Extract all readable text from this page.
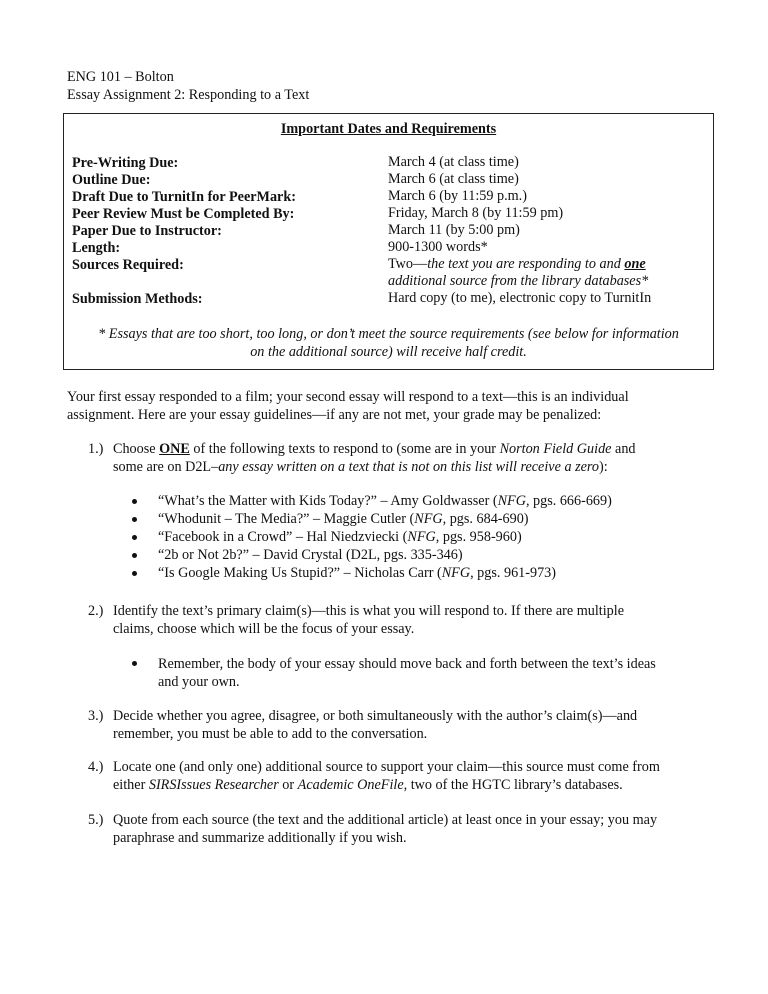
ENG 101 – Bolton
Essay Assignment 2: Responding to a Text
Important Dates and Requirements
Pre-Writing Due:	March 4 (at class time)
Outline Due:	March 6 (at class time)
Draft Due to TurnitIn for PeerMark:	March 6 (by 11:59 p.m.)
Peer Review Must be Completed By:	Friday, March 8 (by 11:59 pm)
Paper Due to Instructor:	March 11 (by 5:00 pm)
Length:	900-1300 words*
Sources Required:	Two—the text you are responding to and one
additional source from the library databases*
Submission Methods:	Hard copy (to me), electronic copy to TurnitIn
* Essays that are too short, too long, or don’t meet the source requirements (see below for information
on the additional source) will receive half credit.
Your first essay responded to a film; your second essay will respond to a text—this is an individual
assignment. Here are your essay guidelines—if any are not met, your grade may be penalized:
1.) Choose ONE of the following texts to respond to (some are in your Norton Field Guide and
some are on D2L–any essay written on a text that is not on this list will receive a zero):
“What’s the Matter with Kids Today?” – Amy Goldwasser (NFG, pgs. 666-669)
“Whodunit – The Media?” – Maggie Cutler (NFG, pgs. 684-690)
“Facebook in a Crowd” – Hal Niedzviecki (NFG, pgs. 958-960)
“2b or Not 2b?” – David Crystal (D2L, pgs. 335-346)
“Is Google Making Us Stupid?” – Nicholas Carr (NFG, pgs. 961-973)
2.) Identify the text’s primary claim(s)—this is what you will respond to. If there are multiple
claims, choose which will be the focus of your essay.
Remember, the body of your essay should move back and forth between the text’s ideas
and your own.
3.) Decide whether you agree, disagree, or both simultaneously with the author’s claim(s)—and
remember, you must be able to add to the conversation.
4.) Locate one (and only one) additional source to support your claim—this source must come from
either SIRSIssues Researcher or Academic OneFile, two of the HGTC library’s databases.
5.) Quote from each source (the text and the additional article) at least once in your essay; you may
paraphrase and summarize additionally if you wish.
